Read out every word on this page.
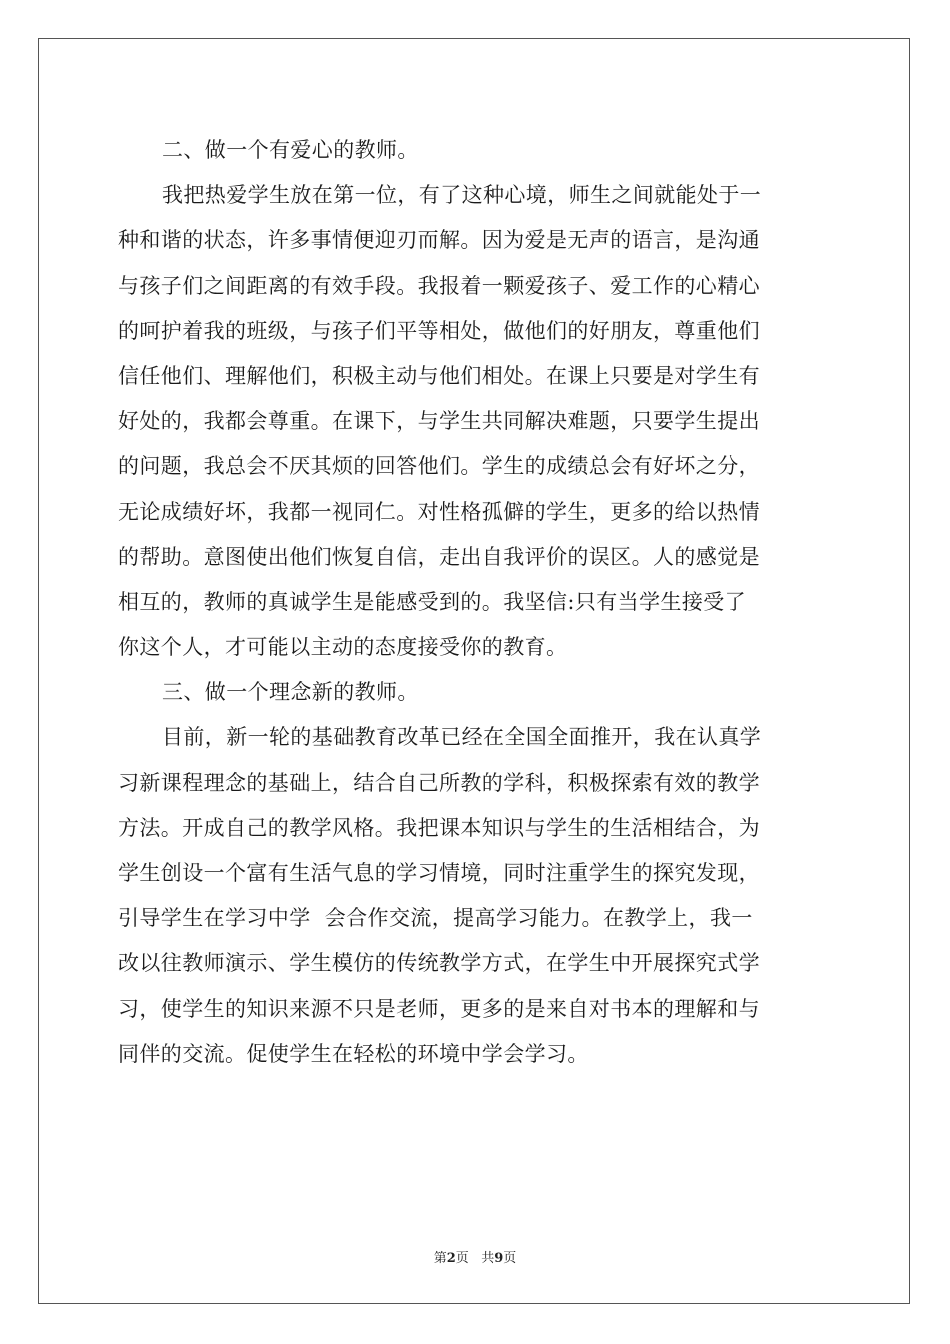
二、做一个有爱心的教师。
我把热爱学生放在第一位，有了这种心境，师生之间就能处于一
种和谐的状态，许多事情便迎刃而解。因为爱是无声的语言，是沟通
与孩子们之间距离的有效手段。我报着一颗爱孩子、爱工作的心精心
的呵护着我的班级，与孩子们平等相处，做他们的好朋友，尊重他们
信任他们、理解他们，积极主动与他们相处。在课上只要是对学生有
好处的，我都会尊重。在课下，与学生共同解决难题，只要学生提出
的问题，我总会不厌其烦的回答他们。学生的成绩总会有好坏之分，
无论成绩好坏，我都一视同仁。对性格孤僻的学生，更多的给以热情
的帮助。意图使出他们恢复自信，走出自我评价的误区。人的感觉是
相互的，教师的真诚学生是能感受到的。我坚信:只有当学生接受了
你这个人，才可能以主动的态度接受你的教育。
三、做一个理念新的教师。
目前，新一轮的基础教育改革已经在全国全面推开，我在认真学
习新课程理念的基础上，结合自己所教的学科，积极探索有效的教学
方法。开成自己的教学风格。我把课本知识与学生的生活相结合，为
学生创设一个富有生活气息的学习情境，同时注重学生的探究发现，
引导学生在学习中学  会合作交流，提高学习能力。在教学上，我一
改以往教师演示、学生模仿的传统教学方式，在学生中开展探究式学
习，使学生的知识来源不只是老师，更多的是来自对书本的理解和与
同伴的交流。促使学生在轻松的环境中学会学习。
第2页 共9页
